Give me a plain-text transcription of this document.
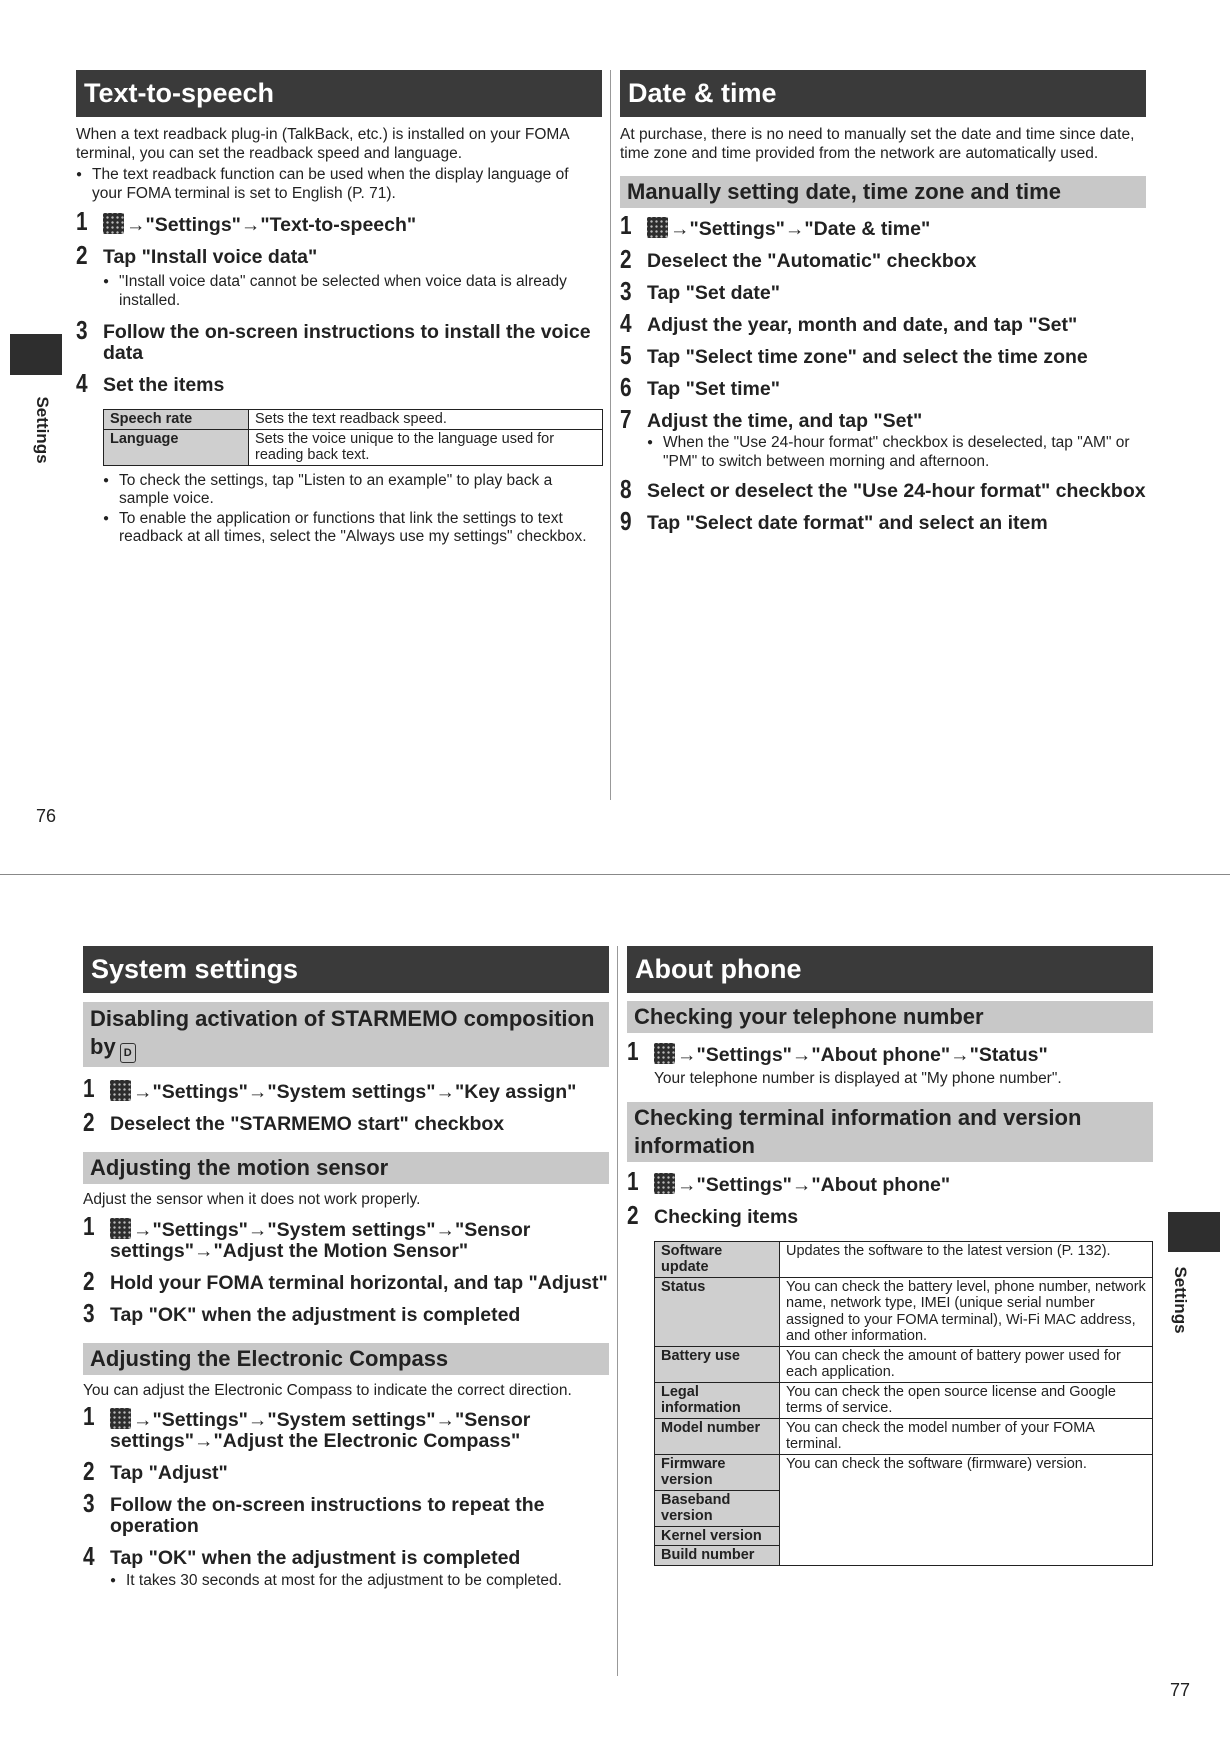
Settings
Text-to-speech

When a text readback plug-in (TalkBack, etc.) is installed on your FOMA terminal, you can set the readback speed and language.

● The text readback function can be used when the display language of your FOMA terminal is set to English (P. 71).

1 →"Settings"→"Text-to-speech"

2 Tap "Install voice data"

● "Install voice data" cannot be selected when voice data is already installed.

3 Follow the on-screen instructions to install the voice data

4 Set the items

Speech rate	Sets the text readback speed.
Language	Sets the voice unique to the language used for reading back text.

● To check the settings, tap "Listen to an example" to play back a sample voice.

● To enable the application or functions that link the settings to text readback at all times, select the "Always use my settings" checkbox.

Date & time

At purchase, there is no need to manually set the date and time since date, time zone and time provided from the network are automatically used.

Manually setting date, time zone and time

1 →"Settings"→"Date & time"

2 Deselect the "Automatic" checkbox

3 Tap "Set date"

4 Adjust the year, month and date, and tap "Set"

5 Tap "Select time zone" and select the time zone

6 Tap "Set time"

7 Adjust the time, and tap "Set"

● When the "Use 24-hour format" checkbox is deselected, tap "AM" or "PM" to switch between morning and afternoon.

8 Select or deselect the "Use 24-hour format" checkbox

9 Tap "Select date format" and select an item

76
Settings
System settings
Disabling activation of STARMEMO composition by D

1 →"Settings"→"System settings"→"Key assign"

2 Deselect the "STARMEMO start" checkbox

Adjusting the motion sensor

Adjust the sensor when it does not work properly.

1 →"Settings"→"System settings"→"Sensor settings"→"Adjust the Motion Sensor"

2 Hold your FOMA terminal horizontal, and tap "Adjust"

3 Tap "OK" when the adjustment is completed

Adjusting the Electronic Compass

You can adjust the Electronic Compass to indicate the correct direction.

1 →"Settings"→"System settings"→"Sensor settings"→"Adjust the Electronic Compass"

2 Tap "Adjust"

3 Follow the on-screen instructions to repeat the operation

4 Tap "OK" when the adjustment is completed

● It takes 30 seconds at most for the adjustment to be completed.

About phone
Checking your telephone number

1 →"Settings"→"About phone"→"Status"

Your telephone number is displayed at "My phone number".

Checking terminal information and version information

1 →"Settings"→"About phone"

2 Checking items

Software update	Updates the software to the latest version (P. 132).
Status	You can check the battery level, phone number, network name, network type, IMEI (unique serial number assigned to your FOMA terminal), Wi-Fi MAC address, and other information.
Battery use	You can check the amount of battery power used for each application.
Legal information	You can check the open source license and Google terms of service.
Model number	You can check the model number of your FOMA terminal.
Firmware version	You can check the software (firmware) version.
Baseband version	
Kernel version	
Build number	
77
